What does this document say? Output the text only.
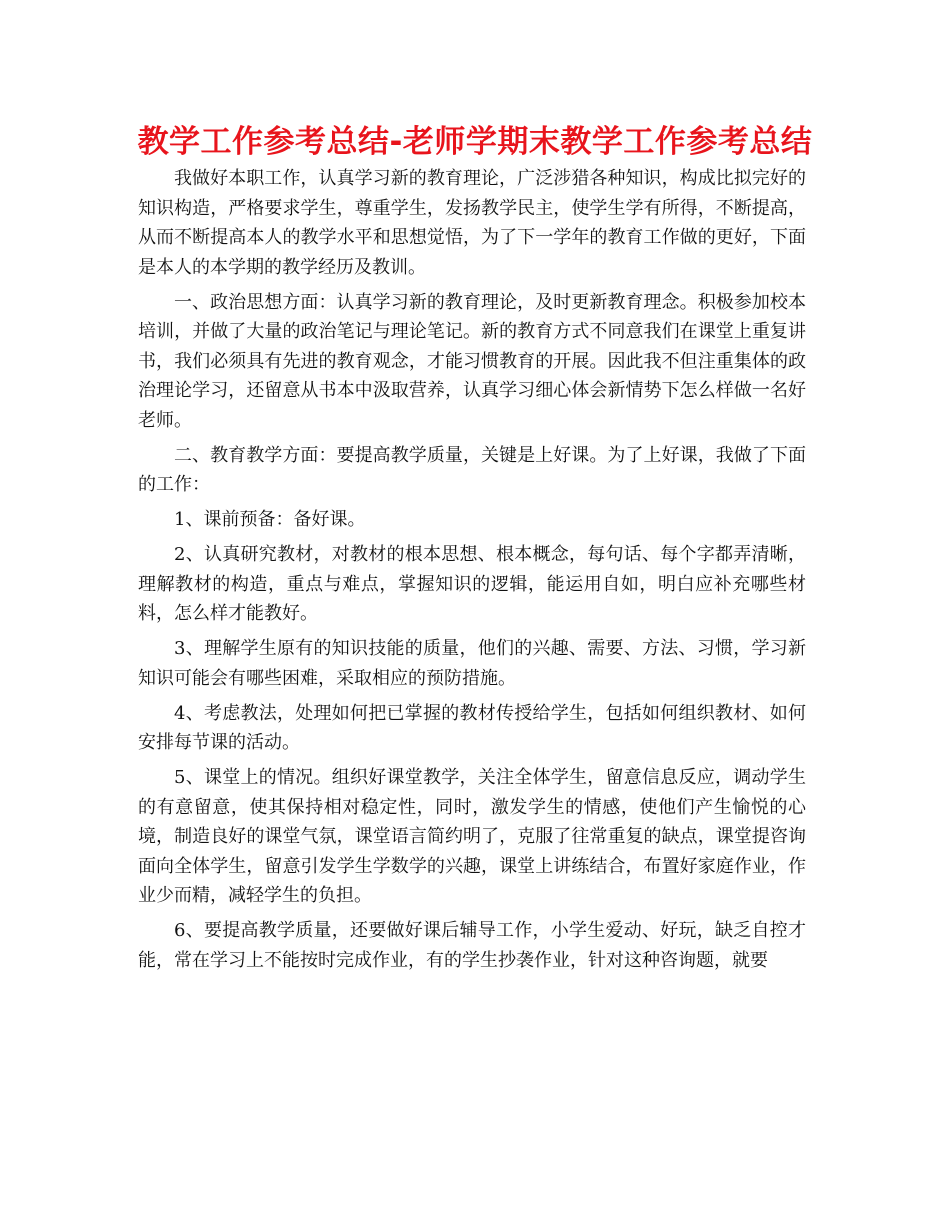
教学工作参考总结-老师学期末教学工作参考总结

我做好本职工作，认真学习新的教育理论，广泛涉猎各种知识，构成比拟完好的知识构造，严格要求学生，尊重学生，发扬教学民主，使学生学有所得，不断提高，从而不断提高本人的教学水平和思想觉悟，为了下一学年的教育工作做的更好，下面是本人的本学期的教学经历及教训。

一、政治思想方面：认真学习新的教育理论，及时更新教育理念。积极参加校本培训，并做了大量的政治笔记与理论笔记。新的教育方式不同意我们在课堂上重复讲书，我们必须具有先进的教育观念，才能习惯教育的开展。因此我不但注重集体的政治理论学习，还留意从书本中汲取营养，认真学习细心体会新情势下怎么样做一名好老师。

二、教育教学方面：要提高教学质量，关键是上好课。为了上好课，我做了下面的工作：

1、课前预备：备好课。

2、认真研究教材，对教材的根本思想、根本概念，每句话、每个字都弄清晰，理解教材的构造，重点与难点，掌握知识的逻辑，能运用自如，明白应补充哪些材料，怎么样才能教好。

3、理解学生原有的知识技能的质量，他们的兴趣、需要、方法、习惯，学习新知识可能会有哪些困难，采取相应的预防措施。

4、考虑教法，处理如何把已掌握的教材传授给学生，包括如何组织教材、如何安排每节课的活动。

5、课堂上的情况。组织好课堂教学，关注全体学生，留意信息反应，调动学生的有意留意，使其保持相对稳定性，同时，激发学生的情感，使他们产生愉悦的心境，制造良好的课堂气氛，课堂语言简约明了，克服了往常重复的缺点，课堂提咨询面向全体学生，留意引发学生学数学的兴趣，课堂上讲练结合，布置好家庭作业，作业少而精，减轻学生的负担。

6、要提高教学质量，还要做好课后辅导工作，小学生爱动、好玩，缺乏自控才能，常在学习上不能按时完成作业，有的学生抄袭作业，针对这种咨询题，就要
